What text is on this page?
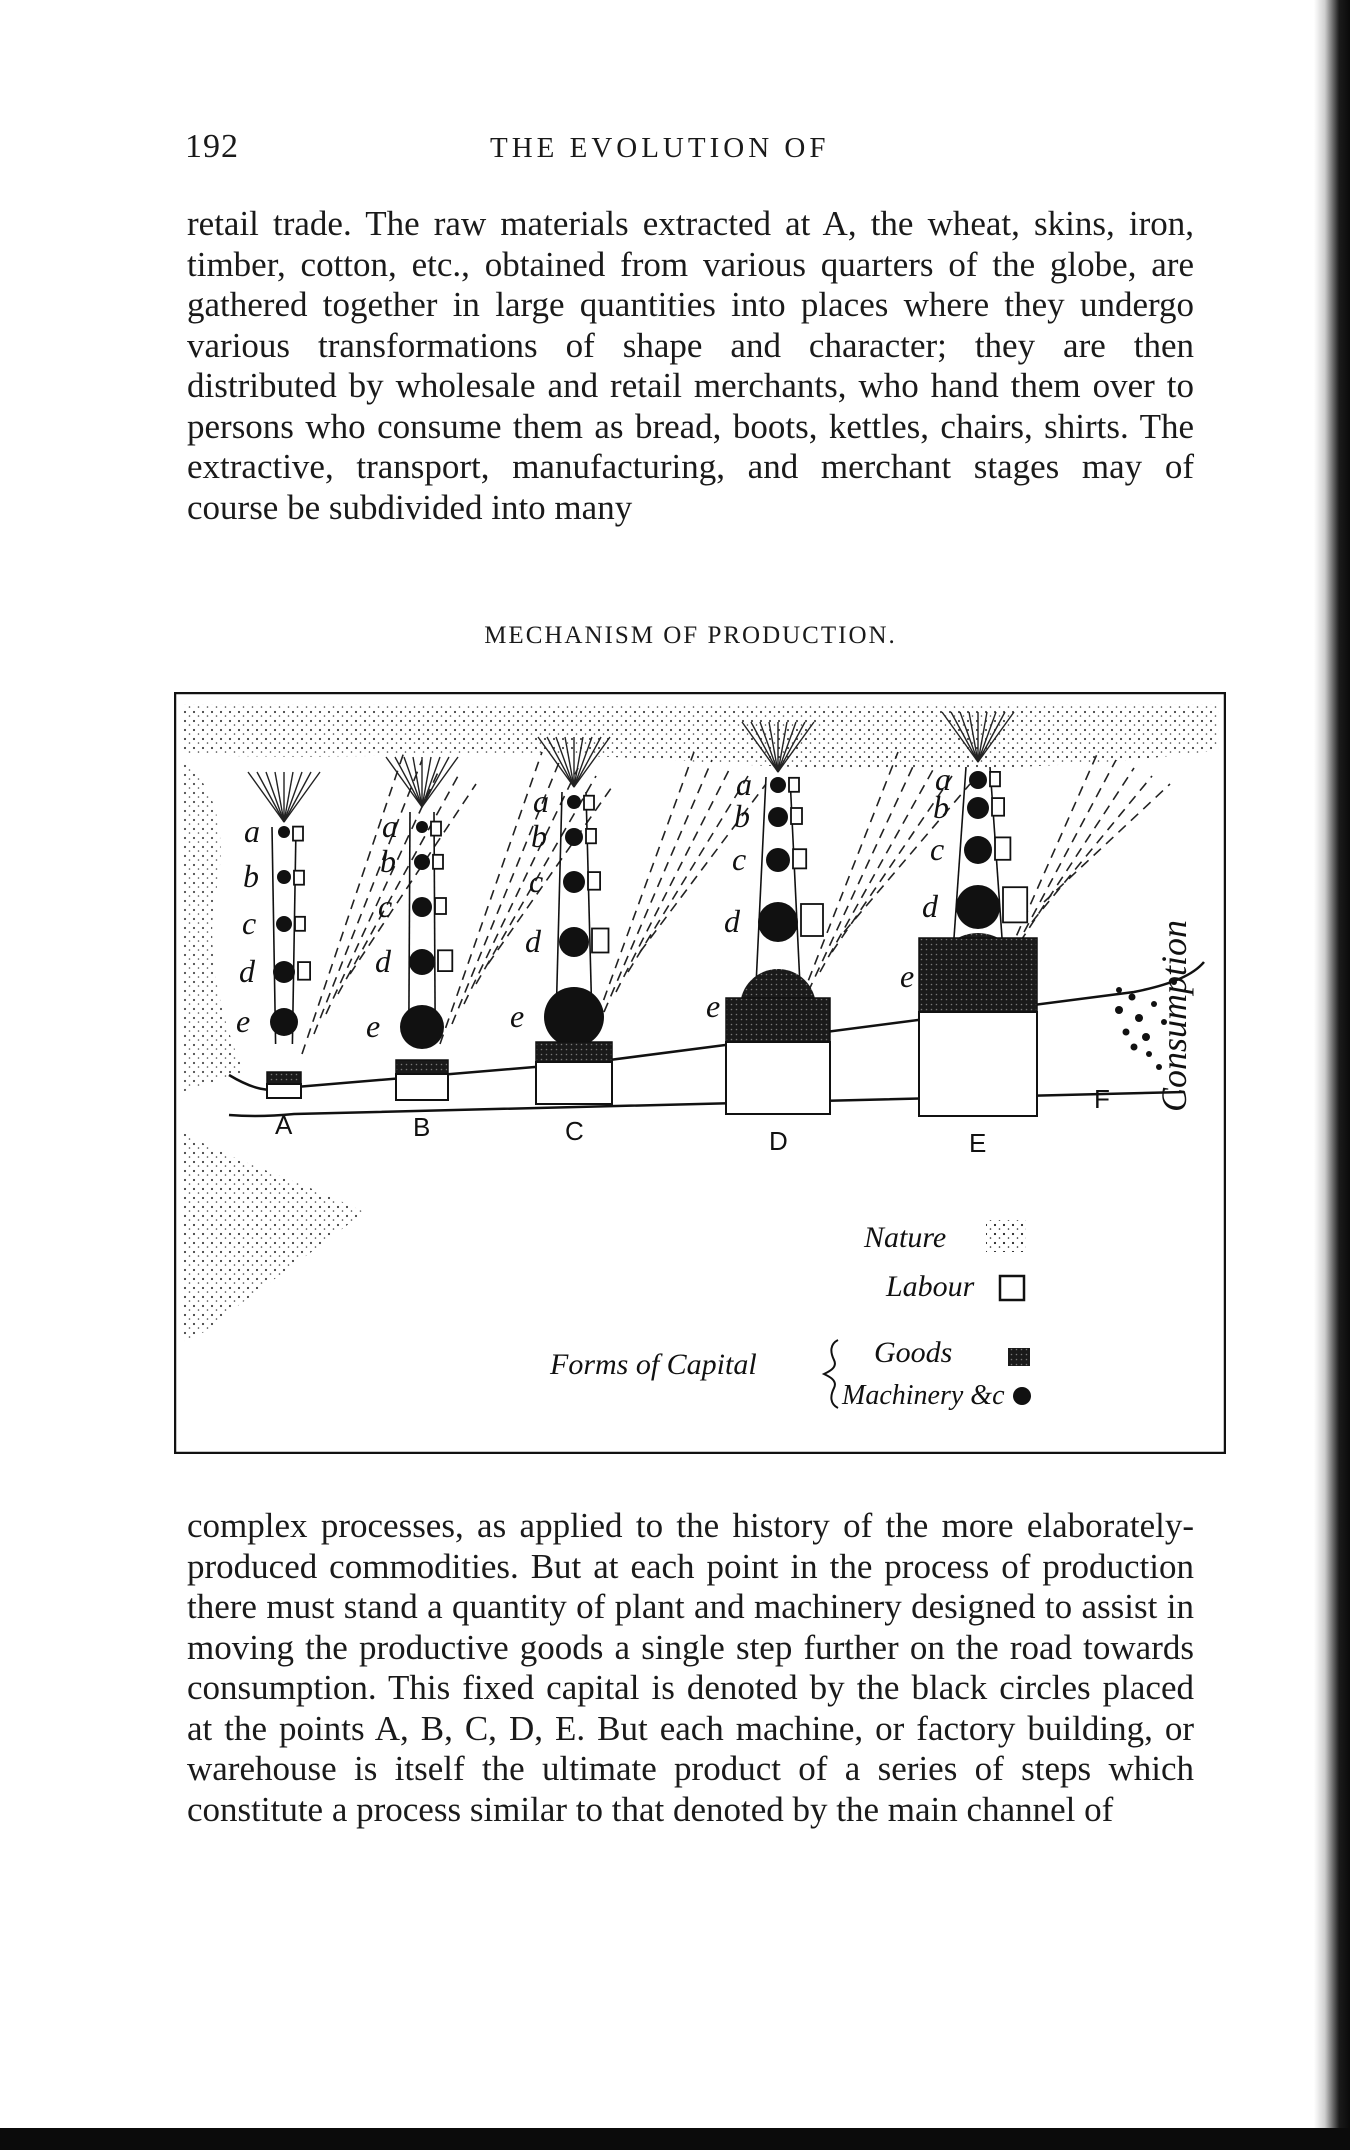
192	THE EVOLUTION OF

retail trade. The raw materials extracted at A, the wheat, skins, iron, timber, cotton, etc., obtained from various quarters of the globe, are gathered together in large quantities into places where they undergo various transformations of shape and character; they are then distributed by wholesale and retail merchants, who hand them over to persons who consume them as bread, boots, kettles, chairs, shirts. The extractive, transport, manufacturing, and merchant stages may of course be subdivided into many

MECHANISM OF PRODUCTION.
A	B	C	D	E
F
a
b
c
d
e
a
b
c
d
e
a
b
c
d
e
a
b
c
d
e
a
b
c
d
e	Consumption
Nature
Labour
Forms of Capital	Goods
Machinery &c

complex processes, as applied to the history of the more elaborately-produced commodities. But at each point in the process of production there must stand a quantity of plant and machinery designed to assist in moving the productive goods a single step further on the road towards consumption. This fixed capital is denoted by the black circles placed at the points A, B, C, D, E. But each machine, or factory building, or warehouse is itself the ultimate product of a series of steps which constitute a process similar to that denoted by the main channel of
